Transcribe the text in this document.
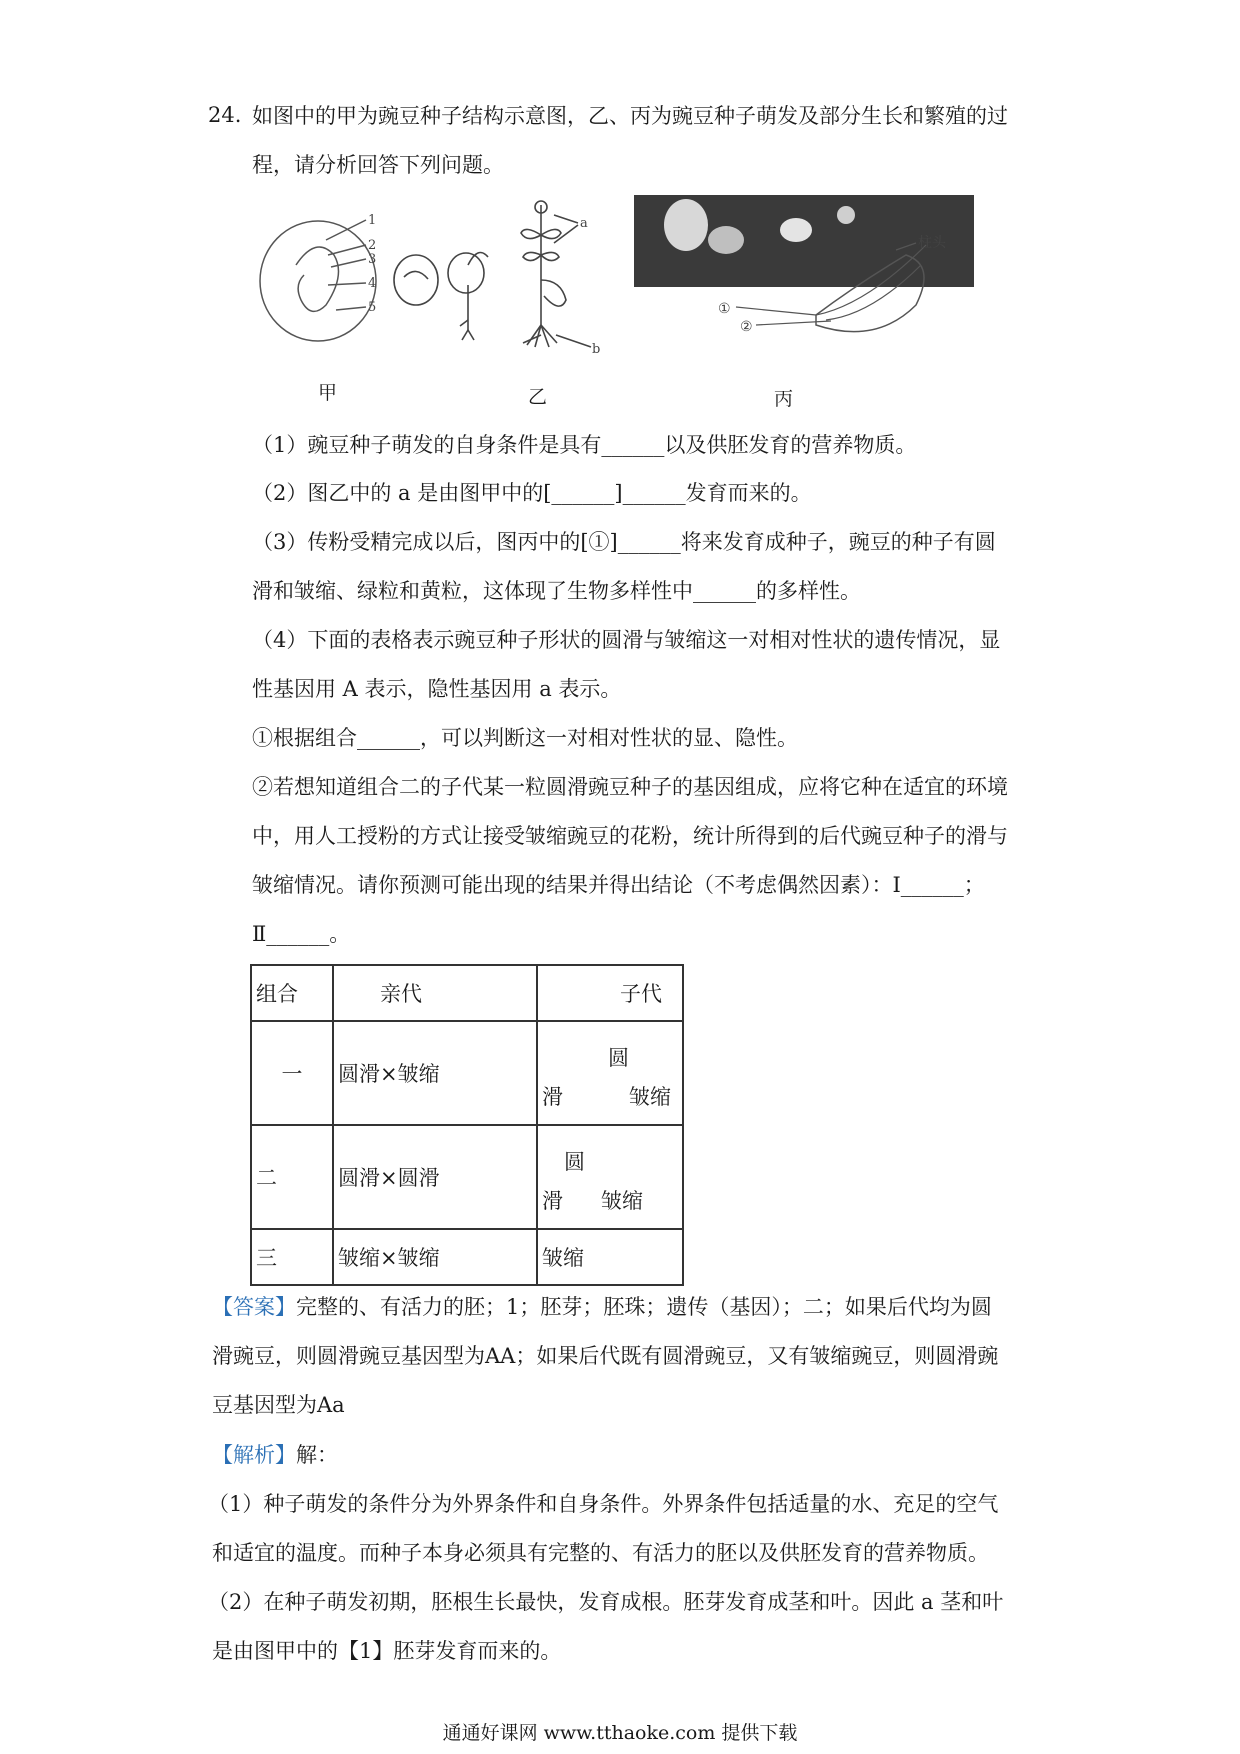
24. 如图中的甲为豌豆种子结构示意图，乙、丙为豌豆种子萌发及部分生长和繁殖的过
程，请分析回答下列问题。
1
2
3
4
5
a
b
柱头
①
②
甲	乙	丙
（1）豌豆种子萌发的自身条件是具有______以及供胚发育的营养物质。
（2）图乙中的 a 是由图甲中的[______]______发育而来的。
（3）传粉受精完成以后，图丙中的[①]______将来发育成种子，豌豆的种子有圆
滑和皱缩、绿粒和黄粒，这体现了生物多样性中______的多样性。
（4）下面的表格表示豌豆种子形状的圆滑与皱缩这一对相对性状的遗传情况，显
性基因用 A 表示，隐性基因用 a 表示。
①根据组合______，可以判断这一对相对性状的显、隐性。
②若想知道组合二的子代某一粒圆滑豌豆种子的基因组成，应将它种在适宜的环境
中，用人工授粉的方式让接受皱缩豌豆的花粉，统计所得到的后代豌豆种子的滑与
皱缩情况。请你预测可能出现的结果并得出结论（不考虑偶然因素）：Ⅰ______；
Ⅱ______。
组合	亲代	子代
一	圆滑×皱缩	圆
滑 皱缩

二	圆滑×圆滑	圆
滑 皱缩

三	皱缩×皱缩	皱缩
【答案】完整的、有活力的胚；1；胚芽；胚珠；遗传（基因）；二；如果后代均为圆
滑豌豆，则圆滑豌豆基因型为AA；如果后代既有圆滑豌豆，又有皱缩豌豆，则圆滑豌
豆基因型为Aa
【解析】解：
（1）种子萌发的条件分为外界条件和自身条件。外界条件包括适量的水、充足的空气
和适宜的温度。而种子本身必须具有完整的、有活力的胚以及供胚发育的营养物质。
（2）在种子萌发初期，胚根生长最快，发育成根。胚芽发育成茎和叶。因此 a 茎和叶
是由图甲中的【1】胚芽发育而来的。
通通好课网 www.tthaoke.com 提供下载
